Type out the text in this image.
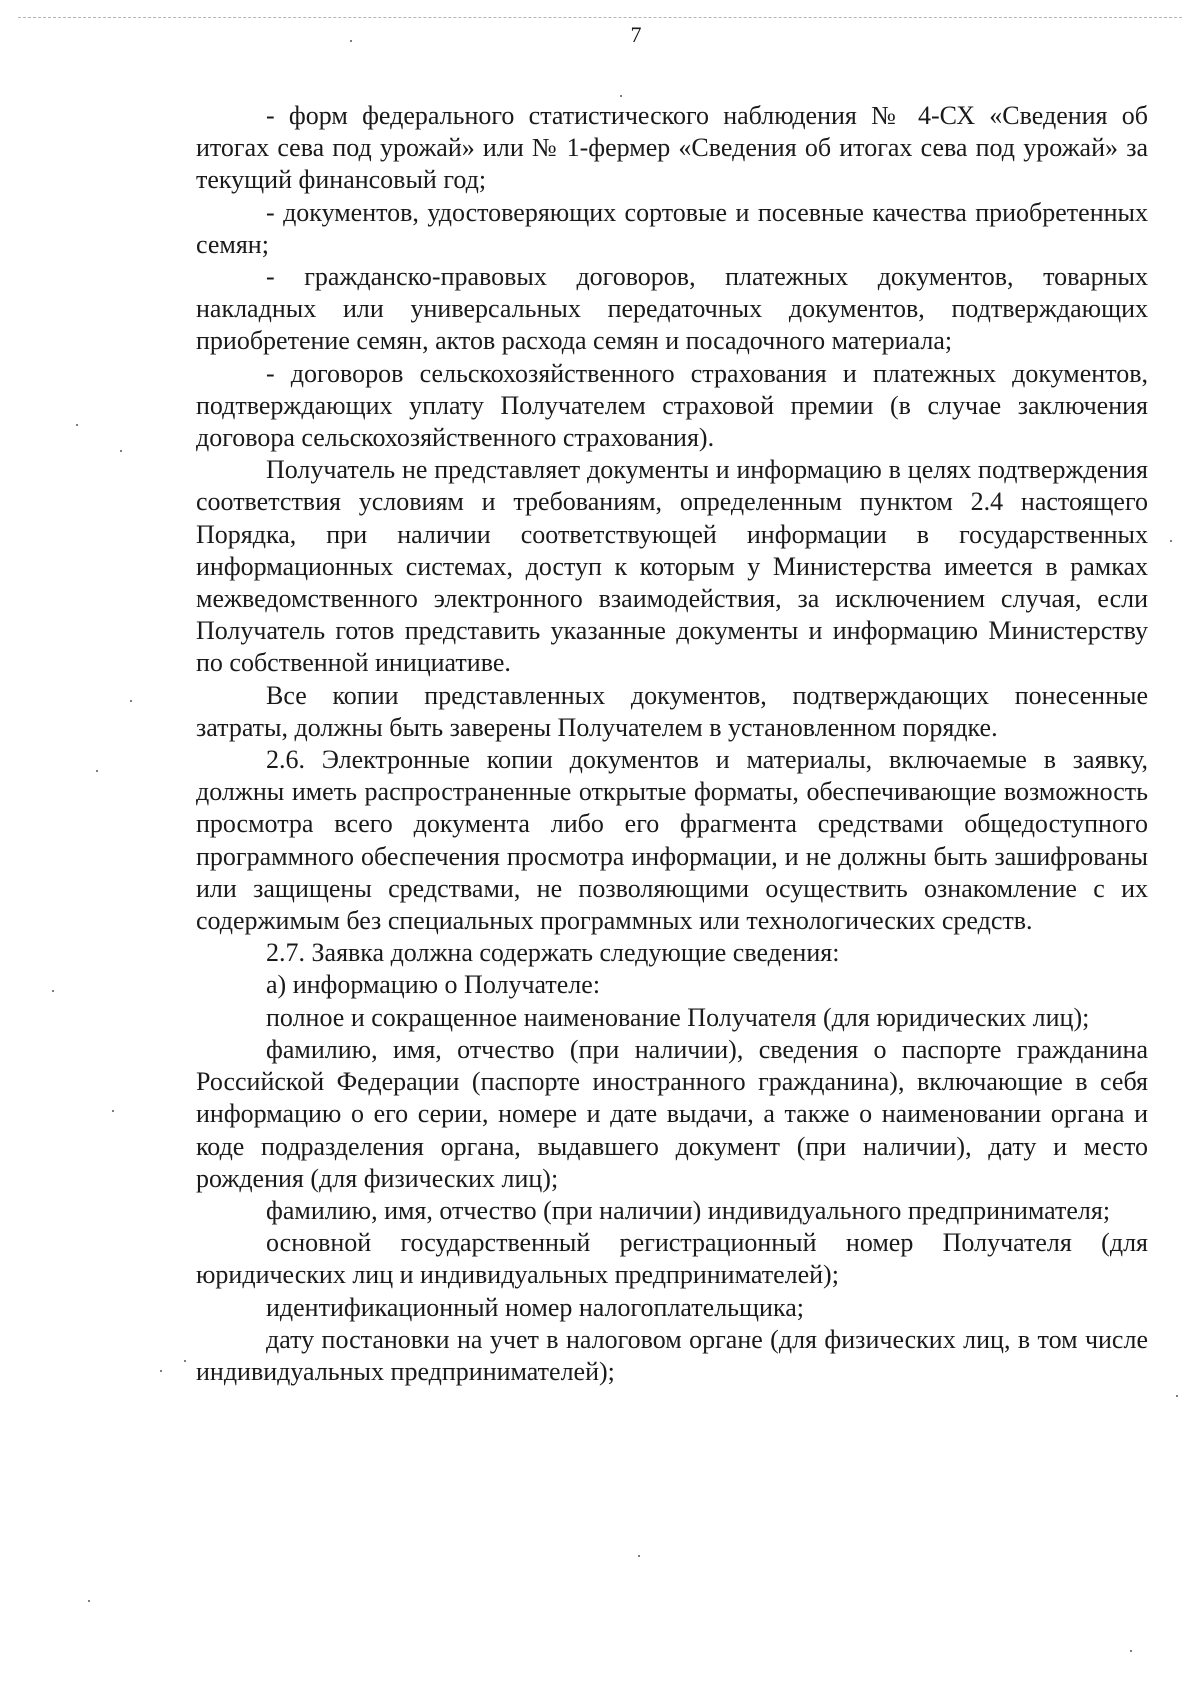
7

- форм федерального статистического наблюдения № 4-СХ «Сведения об итогах сева под урожай» или № 1-фермер «Сведения об итогах сева под урожай» за текущий финансовый год;

- документов, удостоверяющих сортовые и посевные качества приобретенных семян;

- гражданско-правовых договоров, платежных документов, товарных накладных или универсальных передаточных документов, подтверждающих приобретение семян, актов расхода семян и посадочного материала;

- договоров сельскохозяйственного страхования и платежных документов, подтверждающих уплату Получателем страховой премии (в случае заключения договора сельскохозяйственного страхования).

Получатель не представляет документы и информацию в целях подтверждения соответствия условиям и требованиям, определенным пунктом 2.4 настоящего Порядка, при наличии соответствующей информации в государственных информационных системах, доступ к которым у Министерства имеется в рамках межведомственного электронного взаимодействия, за исключением случая, если Получатель готов представить указанные документы и информацию Министерству по собственной инициативе.

Все копии представленных документов, подтверждающих понесенные затраты, должны быть заверены Получателем в установленном порядке.

2.6. Электронные копии документов и материалы, включаемые в заявку, должны иметь распространенные открытые форматы, обеспечивающие возможность просмотра всего документа либо его фрагмента средствами общедоступного программного обеспечения просмотра информации, и не должны быть зашифрованы или защищены средствами, не позволяющими осуществить ознакомление с их содержимым без специальных программных или технологических средств.

2.7. Заявка должна содержать следующие сведения:

а) информацию о Получателе:

полное и сокращенное наименование Получателя (для юридических лиц);

фамилию, имя, отчество (при наличии), сведения о паспорте гражданина Российской Федерации (паспорте иностранного гражданина), включающие в себя информацию о его серии, номере и дате выдачи, а также о наименовании органа и коде подразделения органа, выдавшего документ (при наличии), дату и место рождения (для физических лиц);

фамилию, имя, отчество (при наличии) индивидуального предпринимателя;

основной государственный регистрационный номер Получателя (для юридических лиц и индивидуальных предпринимателей);

идентификационный номер налогоплательщика;

дату постановки на учет в налоговом органе (для физических лиц, в том числе индивидуальных предпринимателей);
